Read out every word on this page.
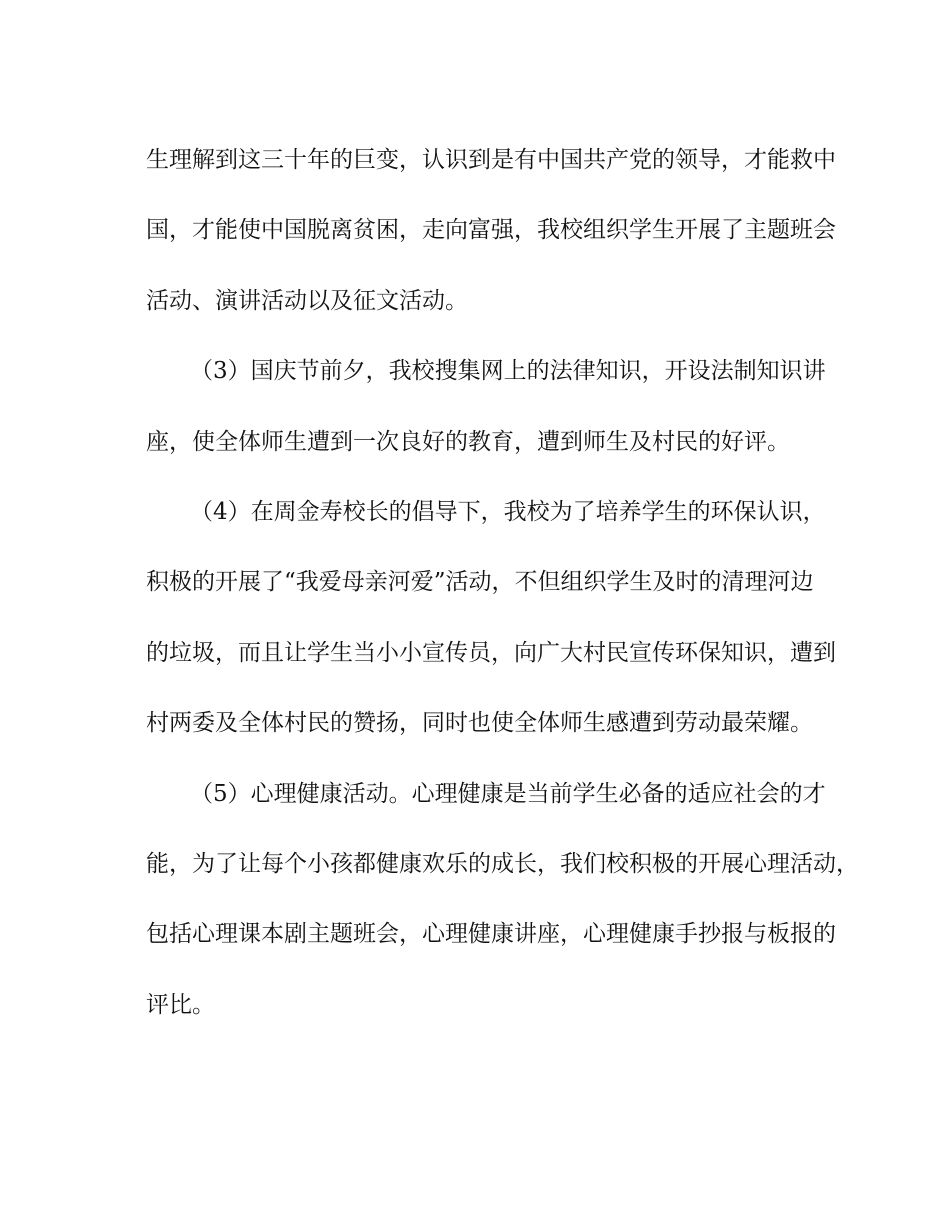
生理解到这三十年的巨变，认识到是有中国共产党的领导，才能救中
国，才能使中国脱离贫困，走向富强，我校组织学生开展了主题班会
活动、演讲活动以及征文活动。
（3）国庆节前夕，我校搜集网上的法律知识，开设法制知识讲
座，使全体师生遭到一次良好的教育，遭到师生及村民的好评。
（4）在周金寿校长的倡导下，我校为了培养学生的环保认识，
积极的开展了“我爱母亲河爱”活动，不但组织学生及时的清理河边
的垃圾，而且让学生当小小宣传员，向广大村民宣传环保知识，遭到
村两委及全体村民的赞扬，同时也使全体师生感遭到劳动最荣耀。
（5）心理健康活动。心理健康是当前学生必备的适应社会的才
能，为了让每个小孩都健康欢乐的成长，我们校积极的开展心理活动，
包括心理课本剧主题班会，心理健康讲座，心理健康手抄报与板报的
评比。
